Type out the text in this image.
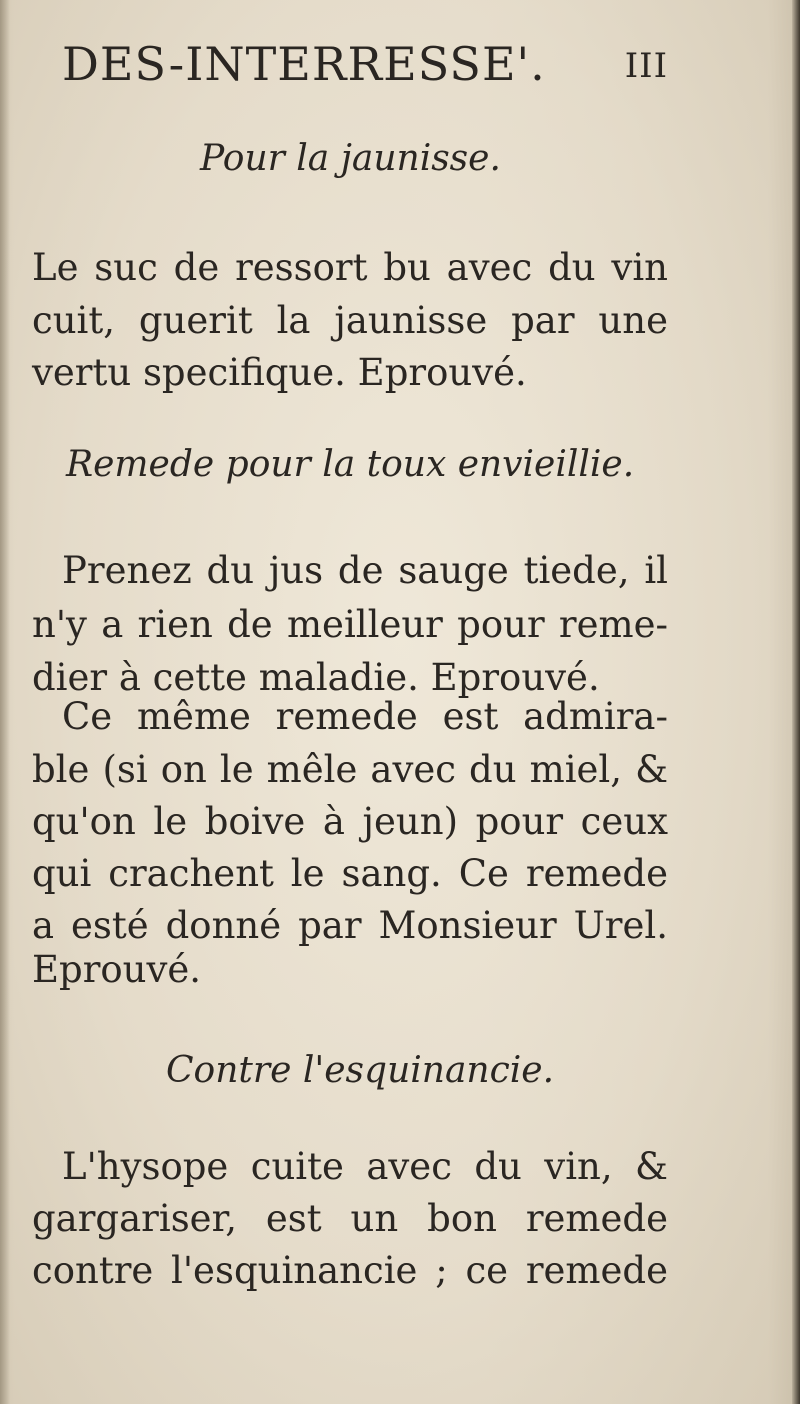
DES-INTERRESSE'. III
Pour la jaunisse.
Le suc de ressort bu avec du vin
cuit, guerit la jaunisse par une
vertu specifique. Eprouvé.
Remede pour la toux envieillie.
Prenez du jus de sauge tiede, il
n'y a rien de meilleur pour reme-
dier à cette maladie. Eprouvé.
Ce même remede est admira-
ble (si on le mêle avec du miel, &
qu'on le boive à jeun) pour ceux
qui crachent le sang. Ce remede
a esté donné par Monsieur Urel.
Eprouvé.
Contre l'esquinancie.
L'hysope cuite avec du vin, &
gargariser, est un bon remede
contre l'esquinancie ; ce remede
